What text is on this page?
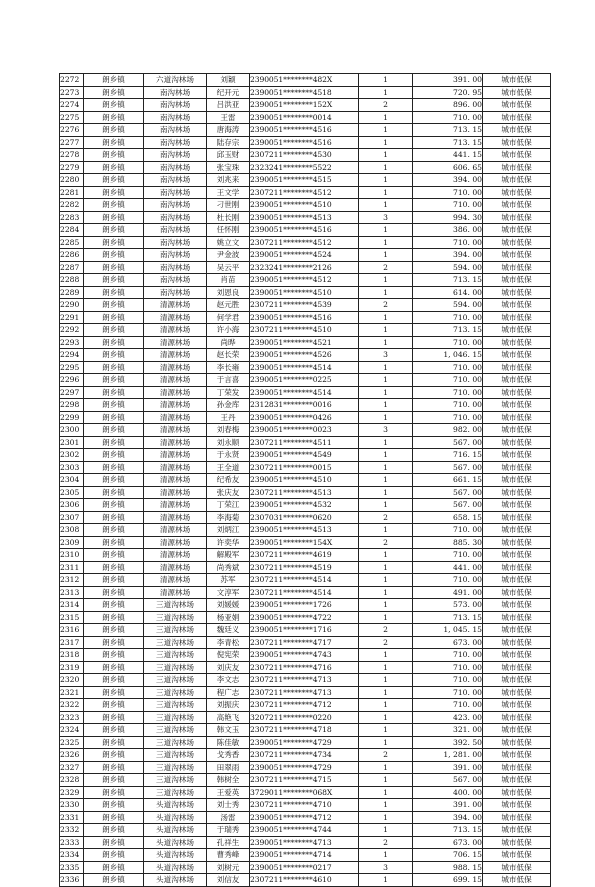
2272	朗乡镇	六道沟林场	刘颖	2390051********482X	1	391. 00	城市低保
2273	朗乡镇	南沟林场	纪开元	2390051********4518	1	720. 95	城市低保
2274	朗乡镇	南沟林场	吕洪亚	2390051********152X	2	896. 00	城市低保
2275	朗乡镇	南沟林场	王雷	2390051********0014	1	710. 00	城市低保
2276	朗乡镇	南沟林场	唐海涛	2390051********4516	1	713. 15	城市低保
2277	朗乡镇	南沟林场	陆存宗	2390051********4516	1	713. 15	城市低保
2278	朗乡镇	南沟林场	邱玉财	2307211********4530	1	441. 15	城市低保
2279	朗乡镇	南沟林场	张宝珠	2323241********5522	1	606. 65	城市低保
2280	朗乡镇	南沟林场	刘兆来	2390051********4515	1	394. 00	城市低保
2281	朗乡镇	南沟林场	王文学	2307211********4512	1	710. 00	城市低保
2282	朗乡镇	南沟林场	刁世刚	2390051********4510	1	710. 00	城市低保
2283	朗乡镇	南沟林场	杜长刚	2390051********4513	3	994. 30	城市低保
2284	朗乡镇	南沟林场	任怀刚	2390051********4516	1	386. 00	城市低保
2285	朗乡镇	南沟林场	姚立文	2307211********4512	1	710. 00	城市低保
2286	朗乡镇	南沟林场	尹金波	2390051********4524	1	394. 00	城市低保
2287	朗乡镇	南沟林场	吴云平	2323241********2126	2	594. 00	城市低保
2288	朗乡镇	南沟林场	肖苗	2390051********4512	1	713. 15	城市低保
2289	朗乡镇	南沟林场	刘恩良	2390051********4510	1	614. 00	城市低保
2290	朗乡镇	清源林场	赵元胜	2307211********4539	2	594. 00	城市低保
2291	朗乡镇	清源林场	何学君	2390051********4516	1	710. 00	城市低保
2292	朗乡镇	清源林场	许小海	2307211********4510	1	713. 15	城市低保
2293	朗乡镇	清源林场	尚晔	2390051********4521	1	710. 00	城市低保
2294	朗乡镇	清源林场	赵长荣	2390051********4526	3	1, 046. 15	城市低保
2295	朗乡镇	清源林场	李长雍	2390051********4514	1	710. 00	城市低保
2296	朗乡镇	清源林场	于言喜	2390051********0225	1	710. 00	城市低保
2297	朗乡镇	清源林场	丁荣发	2390051********4514	1	710. 00	城市低保
2298	朗乡镇	清源林场	孙金库	2312831********0016	1	710. 00	城市低保
2299	朗乡镇	清源林场	王丹	2390051********0426	1	710. 00	城市低保
2300	朗乡镇	清源林场	刘春梅	2390051********0023	3	982. 00	城市低保
2301	朗乡镇	清源林场	刘永顺	2307211********4511	1	567. 00	城市低保
2302	朗乡镇	清源林场	于永贤	2390051********4549	1	716. 15	城市低保
2303	朗乡镇	清源林场	王全道	2307211********0015	1	567. 00	城市低保
2304	朗乡镇	清源林场	纪希友	2390051********4510	1	661. 15	城市低保
2305	朗乡镇	清源林场	张庆友	2307211********4513	1	567. 00	城市低保
2306	朗乡镇	清源林场	丁荣江	2390051********4532	1	567. 00	城市低保
2307	朗乡镇	清源林场	李海菊	2307031********0620	2	658. 15	城市低保
2308	朗乡镇	清源林场	刘炳江	2390051********4513	1	710. 00	城市低保
2309	朗乡镇	清源林场	许奕华	2390051********154X	2	885. 30	城市低保
2310	朗乡镇	清源林场	解殿军	2307211********4619	1	710. 00	城市低保
2311	朗乡镇	清源林场	尚秀斌	2307211********4519	1	441. 00	城市低保
2312	朗乡镇	清源林场	苏军	2307211********4514	1	710. 00	城市低保
2313	朗乡镇	清源林场	文淳军	2307211********4514	1	491. 00	城市低保
2314	朗乡镇	三道沟林场	刘媛媛	2390051********1726	1	573. 00	城市低保
2315	朗乡镇	三道沟林场	杨亚娟	2390051********4722	1	713. 15	城市低保
2316	朗乡镇	三道沟林场	魏廷义	2390051********1716	2	1, 045. 15	城市低保
2317	朗乡镇	三道沟林场	李青松	2307211********4717	2	673. 00	城市低保
2318	朗乡镇	三道沟林场	倪宪荣	2390051********4743	1	710. 00	城市低保
2319	朗乡镇	三道沟林场	刘庆友	2307211********4716	1	710. 00	城市低保
2320	朗乡镇	三道沟林场	李文志	2307211********4713	1	710. 00	城市低保
2321	朗乡镇	三道沟林场	程广志	2307211********4713	1	710. 00	城市低保
2322	朗乡镇	三道沟林场	刘振庆	2307211********4712	1	710. 00	城市低保
2323	朗乡镇	三道沟林场	高艳飞	3207211********0220	1	423. 00	城市低保
2324	朗乡镇	三道沟林场	韩文玉	2307211********4718	1	321. 00	城市低保
2325	朗乡镇	三道沟林场	陈佳敏	2390051********4729	1	392. 50	城市低保
2326	朗乡镇	三道沟林场	戈秀香	2307211********4734	2	1, 281. 00	城市低保
2327	朗乡镇	三道沟林场	田翠雨	2390051********4729	1	391. 00	城市低保
2328	朗乡镇	三道沟林场	韩树全	2307211********4715	1	567. 00	城市低保
2329	朗乡镇	三道沟林场	王爱英	3729011********068X	1	400. 00	城市低保
2330	朗乡镇	头道沟林场	刘士秀	2307211********4710	1	391. 00	城市低保
2331	朗乡镇	头道沟林场	汤雷	2390051********4712	1	394. 00	城市低保
2332	朗乡镇	头道沟林场	于瑞秀	2390051********4744	1	713. 15	城市低保
2333	朗乡镇	头道沟林场	孔祥生	2390051********4713	2	673. 00	城市低保
2334	朗乡镇	头道沟林场	曹秀峰	2390051********4714	1	706. 15	城市低保
2335	朗乡镇	头道沟林场	刘树元	2390051********0217	3	988. 15	城市低保
2336	朗乡镇	头道沟林场	刘信友	2307211********4610	1	699. 15	城市低保
